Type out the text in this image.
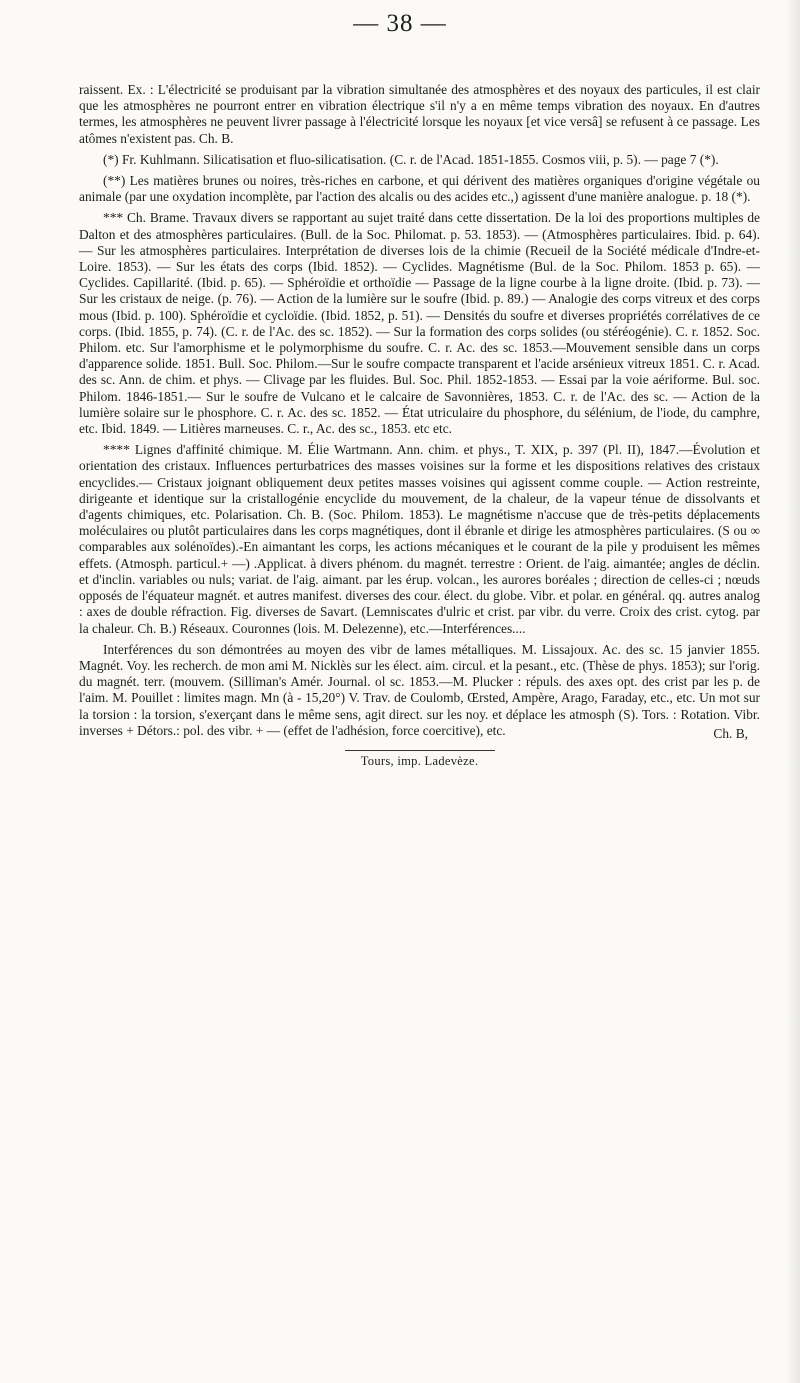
— 38 —

raissent. Ex. : L'électricité se produisant par la vibration simultanée des atmosphères et des noyaux des particules, il est clair que les atmosphères ne pourront entrer en vibration électrique s'il n'y a en même temps vibration des noyaux. En d'autres termes, les atmosphères ne peuvent livrer passage à l'électricité lorsque les noyaux [et vice versâ] se refusent à ce passage. Les atômes n'existent pas. Ch. B.

(*) Fr. Kuhlmann. Silicatisation et fluo-silicatisation. (C. r. de l'Acad. 1851-1855. Cosmos viii, p. 5). — page 7 (*).

(**) Les matières brunes ou noires, très-riches en carbone, et qui dérivent des matières organiques d'origine végétale ou animale (par une oxydation incomplète, par l'action des alcalis ou des acides etc.,) agissent d'une manière analogue. p. 18 (*).

*** Ch. Brame. Travaux divers se rapportant au sujet traité dans cette dissertation. De la loi des proportions multiples de Dalton et des atmosphères particulaires. (Bull. de la Soc. Philomat. p. 53. 1853). — (Atmosphères particulaires. Ibid. p. 64). — Sur les atmosphères particulaires. Interprétation de diverses lois de la chimie (Recueil de la Société médicale d'Indre-et-Loire. 1853). — Sur les états des corps (Ibid. 1852). — Cyclides. Magnétisme (Bul. de la Soc. Philom. 1853 p. 65). — Cyclides. Capillarité. (Ibid. p. 65). — Sphéroïdie et orthoïdie — Passage de la ligne courbe à la ligne droite. (Ibid. p. 73). — Sur les cristaux de neige. (p. 76). — Action de la lumière sur le soufre (Ibid. p. 89.) — Analogie des corps vitreux et des corps mous (Ibid. p. 100). Sphéroïdie et cycloïdie. (Ibid. 1852, p. 51). — Densités du soufre et diverses propriétés corrélatives de ce corps. (Ibid. 1855, p. 74). (C. r. de l'Ac. des sc. 1852). — Sur la formation des corps solides (ou stéréogénie). C. r. 1852. Soc. Philom. etc. Sur l'amorphisme et le polymorphisme du soufre. C. r. Ac. des sc. 1853.—Mouvement sensible dans un corps d'apparence solide. 1851. Bull. Soc. Philom.—Sur le soufre compacte transparent et l'acide arsénieux vitreux 1851. C. r. Acad. des sc. Ann. de chim. et phys. — Clivage par les fluides. Bul. Soc. Phil. 1852-1853. — Essai par la voie aériforme. Bul. soc. Philom. 1846-1851.— Sur le soufre de Vulcano et le calcaire de Savonnières, 1853. C. r. de l'Ac. des sc. — Action de la lumière solaire sur le phosphore. C. r. Ac. des sc. 1852. — État utriculaire du phosphore, du sélénium, de l'iode, du camphre, etc. Ibid. 1849. — Litières marneuses. C. r., Ac. des sc., 1853. etc etc.

**** Lignes d'affinité chimique. M. Élie Wartmann. Ann. chim. et phys., T. XIX, p. 397 (Pl. II), 1847.—Évolution et orientation des cristaux. Influences perturbatrices des masses voisines sur la forme et les dispositions relatives des cristaux encyclides.— Cristaux joignant obliquement deux petites masses voisines qui agissent comme couple. — Action restreinte, dirigeante et identique sur la cristallogénie encyclide du mouvement, de la chaleur, de la vapeur ténue de dissolvants et d'agents chimiques, etc. Polarisation. Ch. B. (Soc. Philom. 1853). Le magnétisme n'accuse que de très-petits déplacements moléculaires ou plutôt particulaires dans les corps magnétiques, dont il ébranle et dirige les atmosphères particulaires. (S ou ∞ comparables aux solénoïdes).-En aimantant les corps, les actions mécaniques et le courant de la pile y produisent les mêmes effets. (Atmosph. particul.+ —) .Applicat. à divers phénom. du magnét. terrestre : Orient. de l'aig. aimantée; angles de déclin. et d'inclin. variables ou nuls; variat. de l'aig. aimant. par les érup. volcan., les aurores boréales ; direction de celles-ci ; nœuds opposés de l'équateur magnét. et autres manifest. diverses des cour. élect. du globe. Vibr. et polar. en général. qq. autres analog : axes de double réfraction. Fig. diverses de Savart. (Lemniscates d'ulric et crist. par vibr. du verre. Croix des crist. cytog. par la chaleur. Ch. B.) Réseaux. Couronnes (lois. M. Delezenne), etc.—Interférences....

Interférences du son démontrées au moyen des vibr de lames métalliques. M. Lissajoux. Ac. des sc. 15 janvier 1855. Magnét. Voy. les recherch. de mon ami M. Nicklès sur les élect. aim. circul. et la pesant., etc. (Thèse de phys. 1853); sur l'orig. du magnét. terr. (mouvem. (Silliman's Amér. Journal. ol sc. 1853.—M. Plucker : répuls. des axes opt. des crist par les p. de l'aim. M. Pouillet : limites magn. Mn (à - 15,20°) V. Trav. de Coulomb, Œrsted, Ampère, Arago, Faraday, etc., etc. Un mot sur la torsion : la torsion, s'exerçant dans le même sens, agit direct. sur les noy. et déplace les atmosph (S). Tors. : Rotation. Vibr. inverses + Détors.: pol. des vibr. + — (effet de l'adhésion, force coercitive), etc.	Ch. B,
Tours, imp. Ladevèze.
